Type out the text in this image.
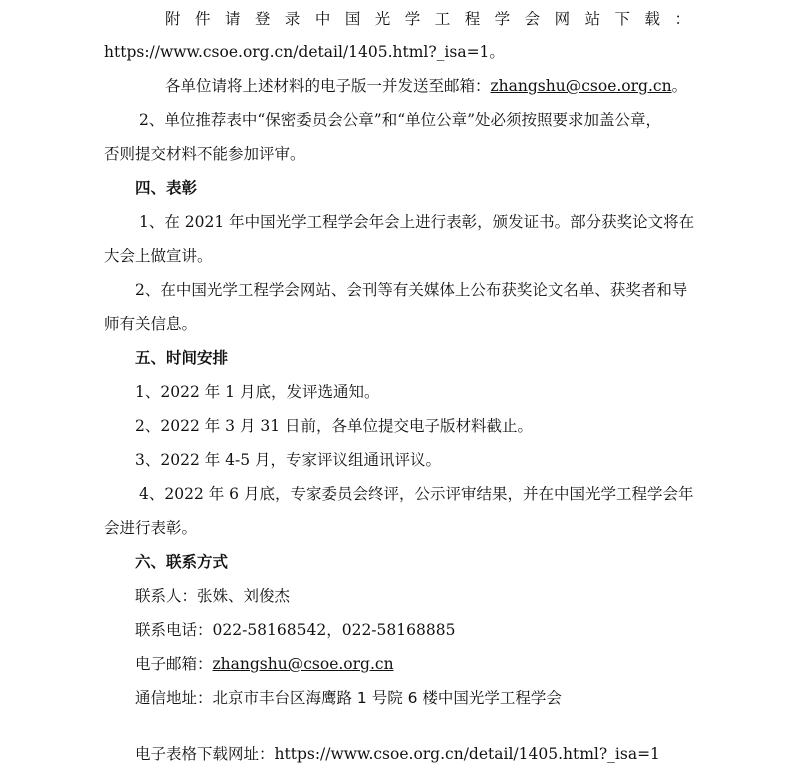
附件请登录中国光学工程学会网站下载：
https://www.csoe.org.cn/detail/1405.html?_isa=1。
各单位请将上述材料的电子版一并发送至邮箱：zhangshu@csoe.org.cn。
2、单位推荐表中“保密委员会公章”和“单位公章”处必须按照要求加盖公章，
否则提交材料不能参加评审。
四、表彰
1、在 2021 年中国光学工程学会年会上进行表彰，颁发证书。部分获奖论文将在
大会上做宣讲。
2、在中国光学工程学会网站、会刊等有关媒体上公布获奖论文名单、获奖者和导
师有关信息。
五、时间安排
1、2022 年 1 月底，发评选通知。
2、2022 年 3 月 31 日前，各单位提交电子版材料截止。
3、2022 年 4-5 月，专家评议组通讯评议。
4、2022 年 6 月底，专家委员会终评，公示评审结果，并在中国光学工程学会年
会进行表彰。
六、联系方式
联系人：张姝、刘俊杰
联系电话：022-58168542，022-58168885
电子邮箱：zhangshu@csoe.org.cn
通信地址：北京市丰台区海鹰路 1 号院 6 楼中国光学工程学会
电子表格下载网址：https://www.csoe.org.cn/detail/1405.html?_isa=1
